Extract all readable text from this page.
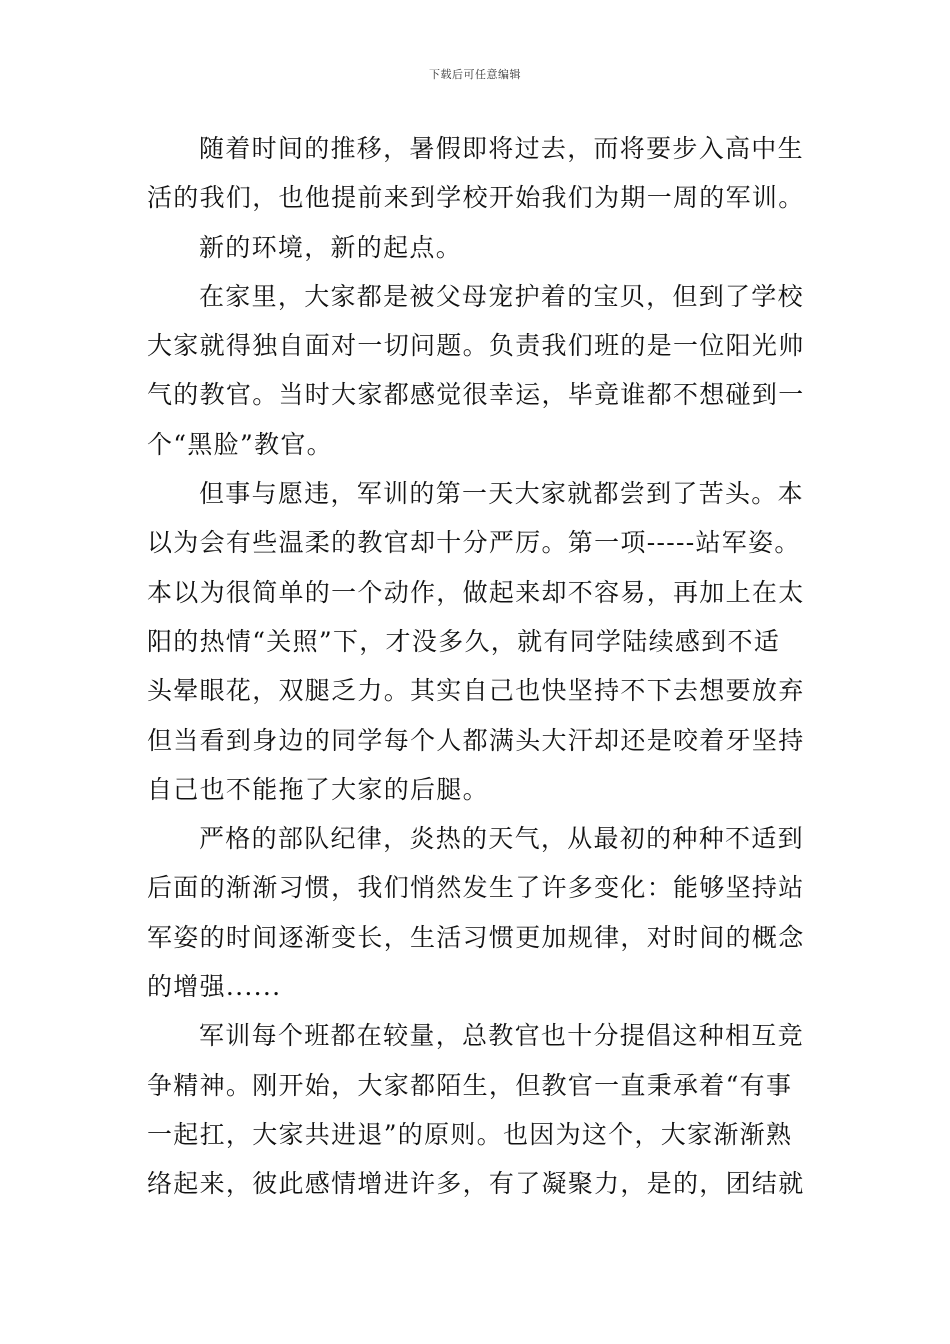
下载后可任意编辑
随着时间的推移，暑假即将过去，而将要步入高中生
活的我们，也他提前来到学校开始我们为期一周的军训。
新的环境，新的起点。
在家里，大家都是被父母宠护着的宝贝，但到了学校
大家就得独自面对一切问题。负责我们班的是一位阳光帅
气的教官。当时大家都感觉很幸运，毕竟谁都不想碰到一
个“黑脸”教官。
但事与愿违，军训的第一天大家就都尝到了苦头。本
以为会有些温柔的教官却十分严厉。第一项-----站军姿。
本以为很简单的一个动作，做起来却不容易，再加上在太
阳的热情“关照”下，才没多久，就有同学陆续感到不适
头晕眼花，双腿乏力。其实自己也快坚持不下去想要放弃
但当看到身边的同学每个人都满头大汗却还是咬着牙坚持
自己也不能拖了大家的后腿。
严格的部队纪律，炎热的天气，从最初的种种不适到
后面的渐渐习惯，我们悄然发生了许多变化：能够坚持站
军姿的时间逐渐变长，生活习惯更加规律，对时间的概念
的增强......
军训每个班都在较量，总教官也十分提倡这种相互竞
争精神。刚开始，大家都陌生，但教官一直秉承着“有事
一起扛，大家共进退”的原则。也因为这个，大家渐渐熟
络起来，彼此感情增进许多，有了凝聚力，是的，团结就
